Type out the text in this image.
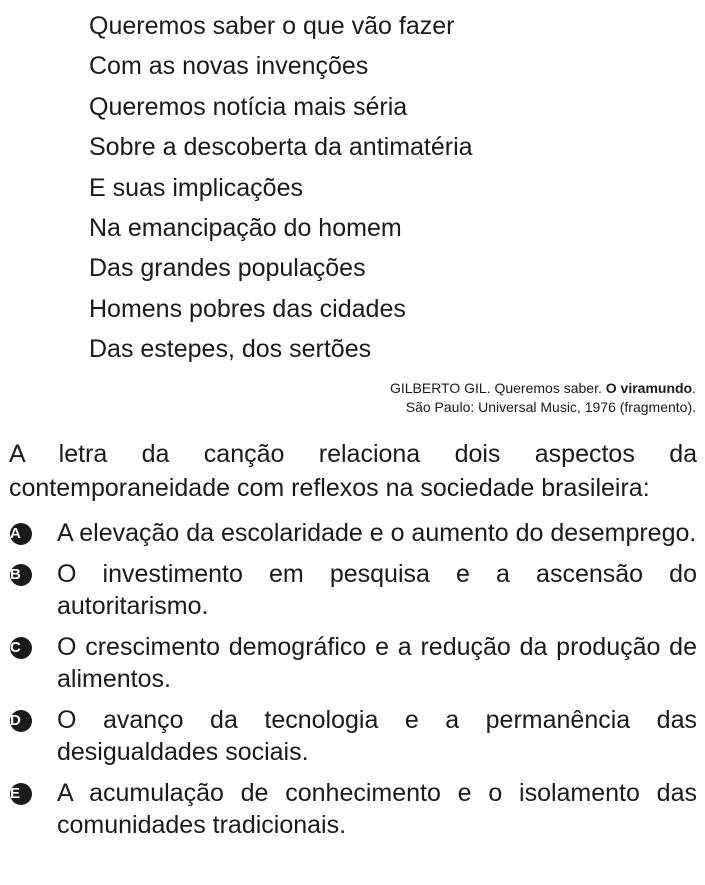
Queremos saber o que vão fazer
Com as novas invenções
Queremos notícia mais séria
Sobre a descoberta da antimatéria
E suas implicações
Na emancipação do homem
Das grandes populações
Homens pobres das cidades
Das estepes, dos sertões
GILBERTO GIL. Queremos saber. O viramundo.
São Paulo: Universal Music, 1976 (fragmento).

A letra da canção relaciona dois aspectos da contemporaneidade com reflexos na sociedade brasileira:

A	A elevação da escolaridade e o aumento do desemprego.
B	O investimento em pesquisa e a ascensão do autoritarismo.
C	O crescimento demográfico e a redução da produção de alimentos.
D	O avanço da tecnologia e a permanência das desigualdades sociais.
E	A acumulação de conhecimento e o isolamento das comunidades tradicionais.
